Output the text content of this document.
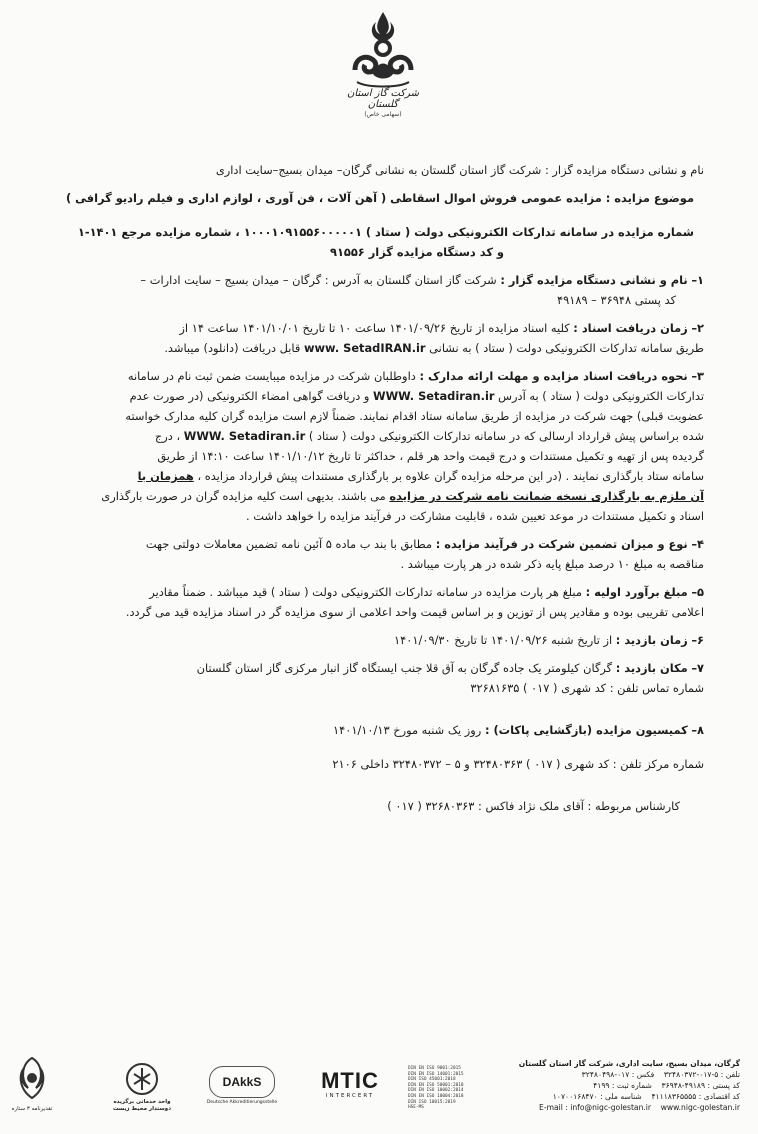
شرکت گاز استان گلستان
(سهامی خاص)
نام و نشانی دستگاه مزایده گزار : شرکت گاز استان گلستان به نشانی گرگان– میدان بسیج–سایت اداری
موضوع مزایده : مزایده عمومی فروش اموال اسقاطی ( آهن آلات ، فن آوری ، لوازم اداری و فیلم رادیو گرافی )
شماره مزایده در سامانه تدارکات الکترونیکی دولت ( ستاد ) ۱۰۰۰۱۰۹۱۵۵۶۰۰۰۰۰۱ ، شماره مزایده مرجع ۱۴۰۱-۱
و کد دستگاه مزایده گزار ۹۱۵۵۶
۱– نام و نشانی دستگاه مزایده گزار : شرکت گاز استان گلستان به آدرس : گرگان – میدان بسیج – سایت ادارات –
کد پستی ۳۶۹۴۸ – ۴۹۱۸۹
۲– زمان دریافت اسناد : کلیه اسناد مزایده از تاریخ ۱۴۰۱/۰۹/۲۶ ساعت ۱۰ تا تاریخ ۱۴۰۱/۱۰/۰۱ ساعت ۱۴ از
طریق سامانه تدارکات الکترونیکی دولت ( ستاد ) به نشانی www. SetadIRAN.ir قابل دریافت (دانلود) میباشد.
۳– نحوه دریافت اسناد مزایده و مهلت ارائه مدارک : داوطلبان شرکت در مزایده میبایست ضمن ثبت نام در سامانه
تدارکات الکترونیکی دولت ( ستاد ) به آدرس WWW. Setadiran.ir و دریافت گواهی امضاء الکترونیکی (در صورت عدم
عضویت قبلی) جهت شرکت در مزایده از طریق سامانه ستاد اقدام نمایند. ضمناً لازم است مزایده گران کلیه مدارک خواسته
شده براساس پیش قرارداد ارسالی که در سامانه تدارکات الکترونیکی دولت ( ستاد ) WWW. Setadiran.ir ، درج
گردیده پس از تهیه و تکمیل مستندات و درج قیمت واحد هر قلم ، حداکثر تا تاریخ ۱۴۰۱/۱۰/۱۲ ساعت ۱۴:۱۰ از طریق
سامانه ستاد بارگذاری نمایند . (در این مرحله مزایده گران علاوه بر بارگذاری مستندات پیش قرارداد مزایده ، همزمان با
آن ملزم به بارگذاری نسخه ضمانت نامه شرکت در مزایده می باشند. بدیهی است کلیه مزایده گران در صورت بارگذاری
اسناد و تکمیل مستندات در موعد تعیین شده ، قابلیت مشارکت در فرآیند مزایده را خواهد داشت .
۴– نوع و میزان تضمین شرکت در فرآیند مزایده : مطابق با بند ب ماده ۵ آئین نامه تضمین معاملات دولتی جهت
مناقصه به مبلغ ۱۰ درصد مبلغ پایه ذکر شده در هر پارت میباشد .
۵– مبلغ برآورد اولیه : مبلغ هر پارت مزایده در سامانه تدارکات الکترونیکی دولت ( ستاد ) قید میباشد . ضمناً مقادیر
اعلامی تقریبی بوده و مقادیر پس از توزین و بر اساس قیمت واحد اعلامی از سوی مزایده گر در اسناد مزایده قید می گردد.
۶– زمان بازدید : از تاریخ شنبه ۱۴۰۱/۰۹/۲۶ تا تاریخ ۱۴۰۱/۰۹/۳۰
۷– مکان بازدید : گرگان کیلومتر یک جاده گرگان به آق قلا جنب ایستگاه گاز انبار مرکزی گاز استان گلستان
شماره تماس تلفن : کد شهری ( ۰۱۷ ) ۳۲۶۸۱۶۳۵
۸– کمیسیون مزایده (بازگشایی پاکات) : روز یک شنبه مورخ ۱۴۰۱/۱۰/۱۳
شماره مرکز تلفن : کد شهری ( ۰۱۷ ) ۳۲۴۸۰۳۶۳ و ۵ – ۳۲۴۸۰۳۷۲ داخلی ۲۱۰۶
کارشناس مربوطه : آقای ملک نژاد فاکس : ۳۲۶۸۰۳۶۳ ( ۰۱۷ )
گرگان، میدان بسیج، سایت اداری، شرکت گاز استان گلستان
تلفن : ۵-۰۱۷-۳۲۴۸۰۳۷۲    فکس : ۰۱۷-۳۲۴۸۰۴۹۸
کد پستی : ۴۹۱۸۹-۳۶۹۴۸    شماره ثبت : ۴۱۹۹
کد اقتصادی : ۴۱۱۱۸۳۶۵۵۵۵    شناسه ملی : ۱۰۷۰۰۱۶۸۴۷۰
E-mail : info@nigc-golestan.ir www.nigc-golestan.ir
DIN EN ISO 9001:2015
DIN EN ISO 14001:2015
DIN ISO 45001:2018
DIN EN ISO 50001:2018
DIN EN ISO 10002:2014
DIN EN ISO 10004:2018
DIN ISO 10015:2019
HSE-MS
MTIC
INTERCERT
DAkkS
Deutsche Akkreditierungsstelle
واحد خدماتی برگزیده دوستدار محیط زیست
تقدیرنامه ۳ ستاره
